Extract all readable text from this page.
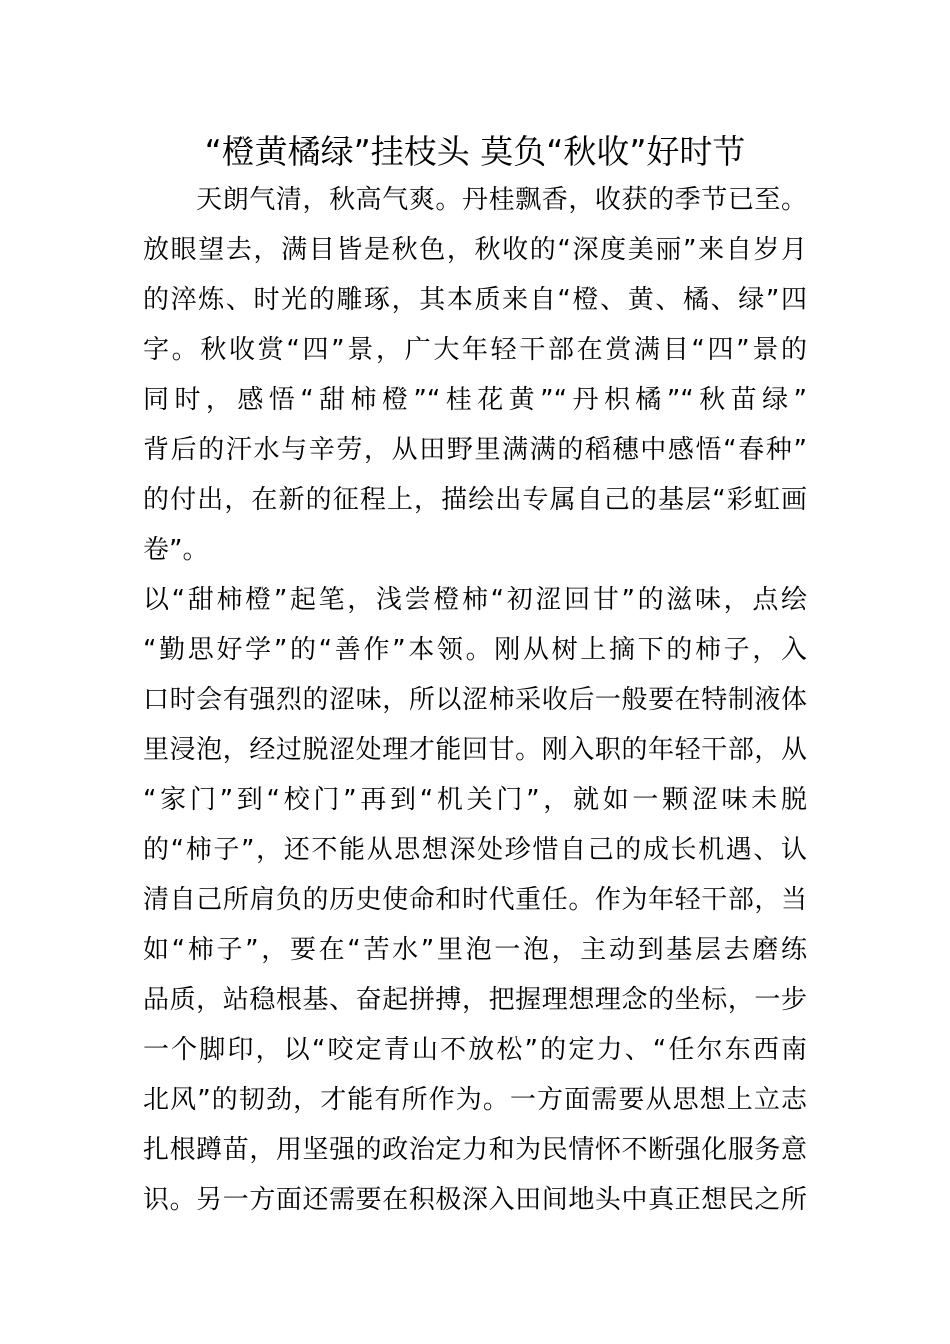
“橙黄橘绿”挂枝头 莫负“秋收”好时节
　　天朗气清，秋高气爽。丹桂飘香，收获的季节已至。
放眼望去，满目皆是秋色，秋收的“深度美丽”来自岁月
的淬炼、时光的雕琢，其本质来自“橙、黄、橘、绿”四
字。秋收赏“四”景，广大年轻干部在赏满目“四”景的
同时，感悟“甜柿橙”“桂花黄”“丹枳橘”“秋苗绿”
背后的汗水与辛劳，从田野里满满的稻穗中感悟“春种”
的付出，在新的征程上，描绘出专属自己的基层“彩虹画
卷”。
以“甜柿橙”起笔，浅尝橙柿“初涩回甘”的滋味，点绘
“勤思好学”的“善作”本领。刚从树上摘下的柿子，入
口时会有强烈的涩味，所以涩柿采收后一般要在特制液体
里浸泡，经过脱涩处理才能回甘。刚入职的年轻干部，从
“家门”到“校门”再到“机关门”，就如一颗涩味未脱
的“柿子”，还不能从思想深处珍惜自己的成长机遇、认
清自己所肩负的历史使命和时代重任。作为年轻干部，当
如“柿子”，要在“苦水”里泡一泡，主动到基层去磨练
品质，站稳根基、奋起拼搏，把握理想理念的坐标，一步
一个脚印，以“咬定青山不放松”的定力、“任尔东西南
北风”的韧劲，才能有所作为。一方面需要从思想上立志
扎根蹲苗，用坚强的政治定力和为民情怀不断强化服务意
识。另一方面还需要在积极深入田间地头中真正想民之所
